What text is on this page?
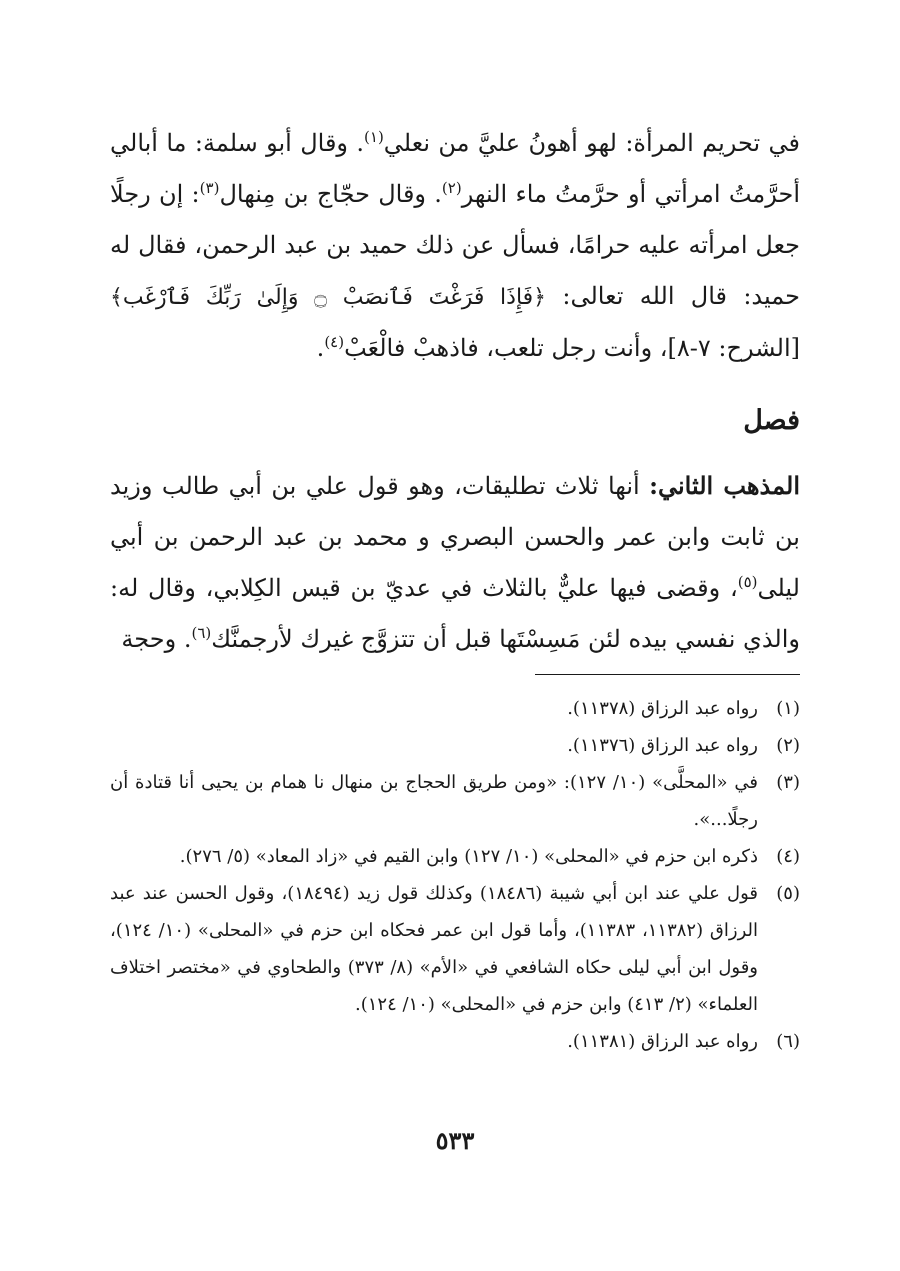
في تحريم المرأة: لهو أهونُ عليَّ من نعلي$^{(١)}$. وقال أبو سلمة: ما أبالي أحرَّمتُ امرأتي أو حرَّمتُ ماء النهر$^{(٢)}$. وقال حجّاج بن مِنهال$^{(٣)}$: إن رجلًا جعل امرأته عليه حرامًا، فسأل عن ذلك حميد بن عبد الرحمن، فقال له حميد: قال الله تعالى: ﴿فَإِذَا فَرَغْتَ فَٱنصَبْ ۝ وَإِلَىٰ رَبِّكَ فَٱرْغَب﴾ [الشرح: ٧-٨]، وأنت رجل تلعب، فاذهبْ فالْعَبْ$^{(٤)}$.

فصل

المذهب الثاني: أنها ثلاث تطليقات، وهو قول علي بن أبي طالب وزيد بن ثابت وابن عمر والحسن البصري و محمد بن عبد الرحمن بن أبي ليلى$^{(٥)}$، وقضى فيها عليٌّ بالثلاث في عديّ بن قيس الكِلابي، وقال له: والذي نفسي بيده لئن مَسِسْتَها قبل أن تتزوَّج غيرك لأرجمنَّك$^{(٦)}$. وحجة

(١)
رواه عبد الرزاق (١١٣٧٨).
(٢)
رواه عبد الرزاق (١١٣٧٦).
(٣)
في «المحلَّى» (١٠/ ١٢٧): «ومن طريق الحجاج بن منهال نا همام بن يحيى أنا قتادة أن رجلًا...».
(٤)
ذكره ابن حزم في «المحلى» (١٠/ ١٢٧) وابن القيم في «زاد المعاد» (٥/ ٢٧٦).
(٥)
قول علي عند ابن أبي شيبة (١٨٤٨٦) وكذلك قول زيد (١٨٤٩٤)، وقول الحسن عند عبد الرزاق (١١٣٨٢، ١١٣٨٣)، وأما قول ابن عمر فحكاه ابن حزم في «المحلى» (١٠/ ١٢٤)، وقول ابن أبي ليلى حكاه الشافعي في «الأم» (٨/ ٣٧٣) والطحاوي في «مختصر اختلاف العلماء» (٢/ ٤١٣) وابن حزم في «المحلى» (١٠/ ١٢٤).
(٦)
رواه عبد الرزاق (١١٣٨١).
٥٣٣
